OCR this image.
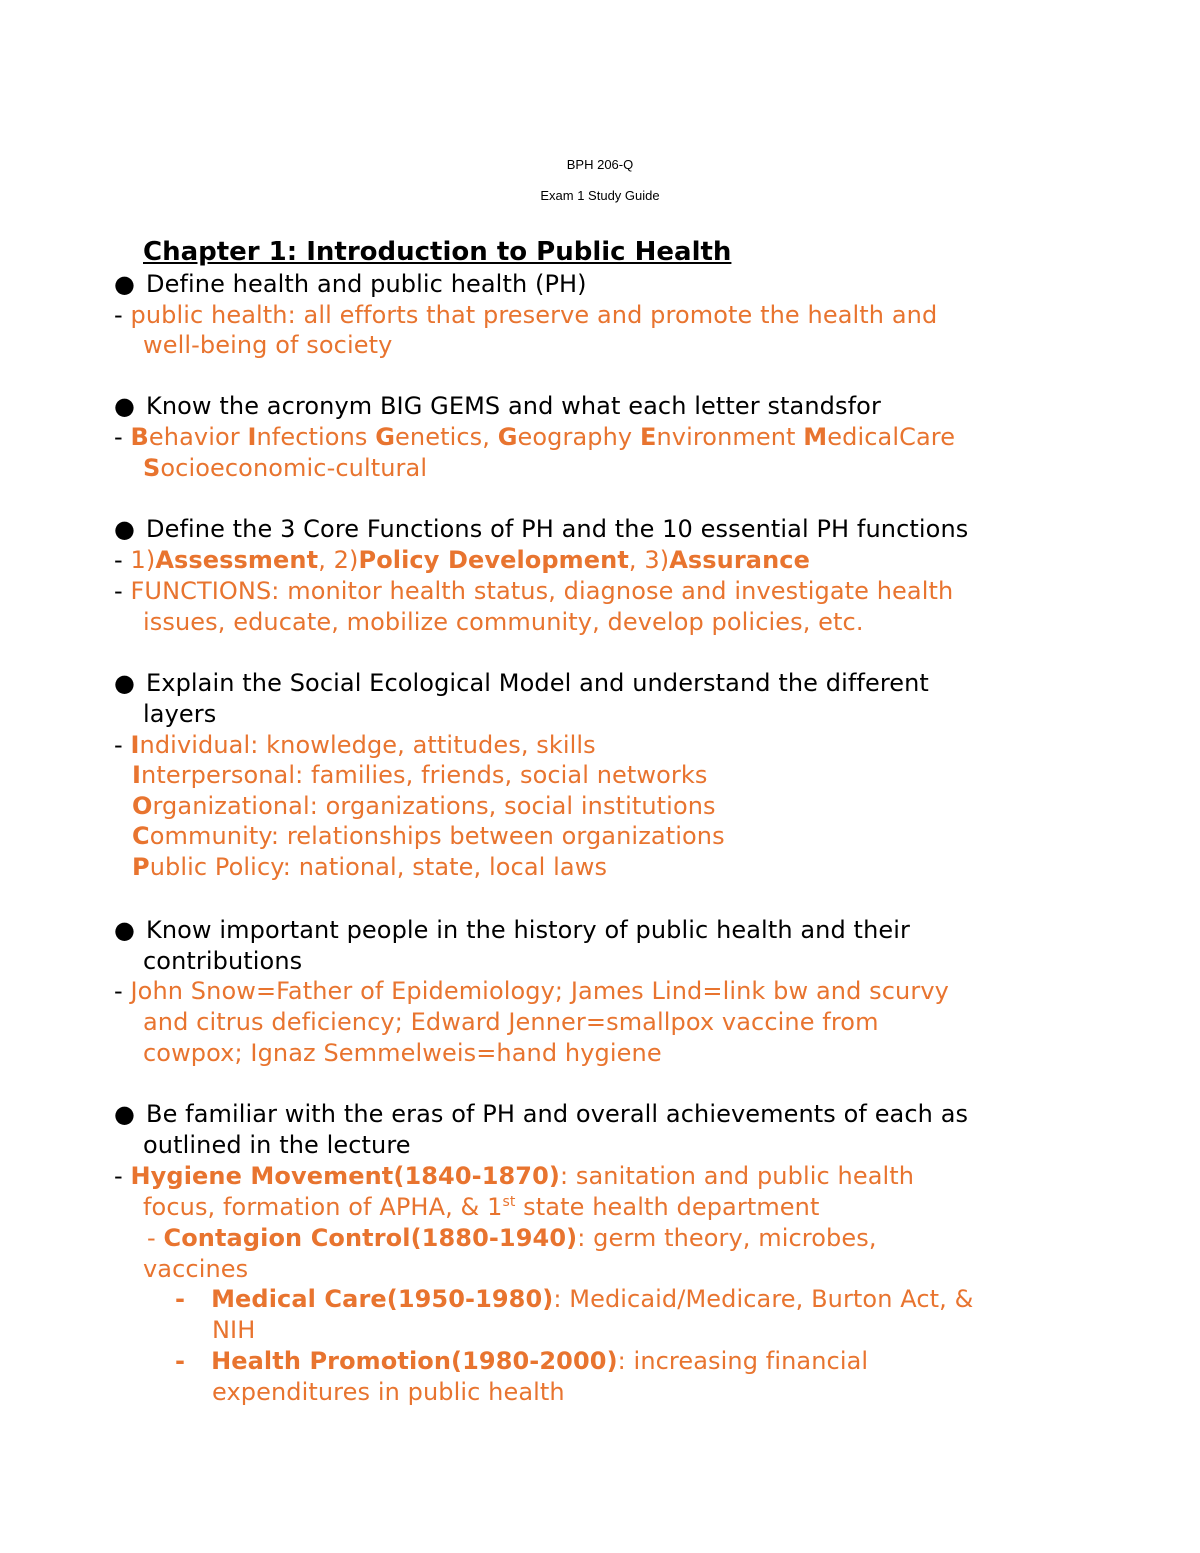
BPH 206-Q
Exam 1 Study Guide
Chapter 1: Introduction to Public Health
● Define health and public health (PH)
- public health: all efforts that preserve and promote the health and
well-being of society
● Know the acronym BIG GEMS and what each letter standsfor
- Behavior Infections Genetics, Geography Environment MedicalCare
Socioeconomic-cultural
● Define the 3 Core Functions of PH and the 10 essential PH functions
- 1)Assessment, 2)Policy Development, 3)Assurance
- FUNCTIONS: monitor health status, diagnose and investigate health
issues, educate, mobilize community, develop policies, etc.
● Explain the Social Ecological Model and understand the different
layers
- Individual: knowledge, attitudes, skills
Interpersonal: families, friends, social networks
Organizational: organizations, social institutions
Community: relationships between organizations
Public Policy: national, state, local laws
● Know important people in the history of public health and their
contributions
- John Snow=Father of Epidemiology; James Lind=link bw and scurvy
and citrus deficiency; Edward Jenner=smallpox vaccine from
cowpox; Ignaz Semmelweis=hand hygiene
● Be familiar with the eras of PH and overall achievements of each as
outlined in the lecture
- Hygiene Movement(1840-1870): sanitation and public health
focus, formation of APHA, & 1st state health department
- Contagion Control(1880-1940): germ theory, microbes,
vaccines
- Medical Care(1950-1980): Medicaid/Medicare, Burton Act, &
NIH
- Health Promotion(1980-2000): increasing financial
expenditures in public health
